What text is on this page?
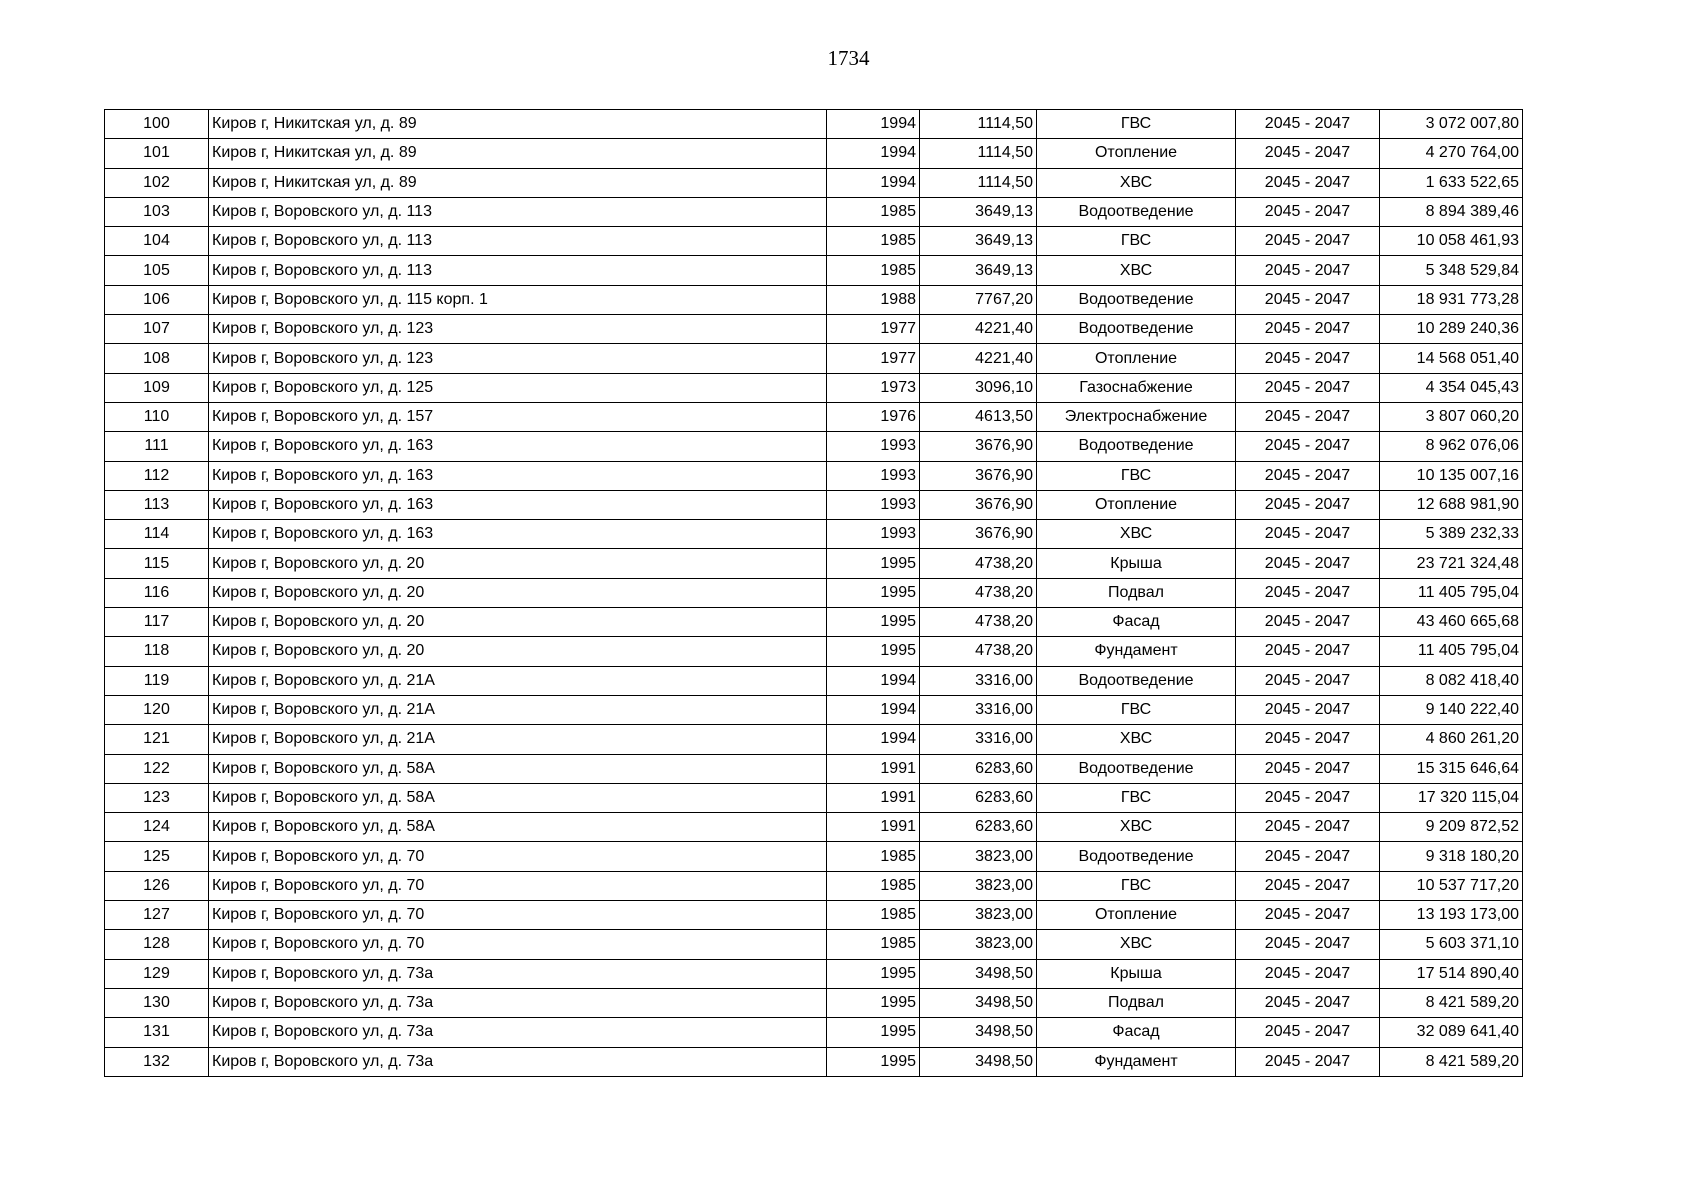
1734
100	Киров г, Никитская ул, д. 89	1994	1114,50	ГВС	2045 - 2047	3 072 007,80
101	Киров г, Никитская ул, д. 89	1994	1114,50	Отопление	2045 - 2047	4 270 764,00
102	Киров г, Никитская ул, д. 89	1994	1114,50	ХВС	2045 - 2047	1 633 522,65
103	Киров г, Воровского ул, д. 113	1985	3649,13	Водоотведение	2045 - 2047	8 894 389,46
104	Киров г, Воровского ул, д. 113	1985	3649,13	ГВС	2045 - 2047	10 058 461,93
105	Киров г, Воровского ул, д. 113	1985	3649,13	ХВС	2045 - 2047	5 348 529,84
106	Киров г, Воровского ул, д. 115 корп. 1	1988	7767,20	Водоотведение	2045 - 2047	18 931 773,28
107	Киров г, Воровского ул, д. 123	1977	4221,40	Водоотведение	2045 - 2047	10 289 240,36
108	Киров г, Воровского ул, д. 123	1977	4221,40	Отопление	2045 - 2047	14 568 051,40
109	Киров г, Воровского ул, д. 125	1973	3096,10	Газоснабжение	2045 - 2047	4 354 045,43
110	Киров г, Воровского ул, д. 157	1976	4613,50	Электроснабжение	2045 - 2047	3 807 060,20
111	Киров г, Воровского ул, д. 163	1993	3676,90	Водоотведение	2045 - 2047	8 962 076,06
112	Киров г, Воровского ул, д. 163	1993	3676,90	ГВС	2045 - 2047	10 135 007,16
113	Киров г, Воровского ул, д. 163	1993	3676,90	Отопление	2045 - 2047	12 688 981,90
114	Киров г, Воровского ул, д. 163	1993	3676,90	ХВС	2045 - 2047	5 389 232,33
115	Киров г, Воровского ул, д. 20	1995	4738,20	Крыша	2045 - 2047	23 721 324,48
116	Киров г, Воровского ул, д. 20	1995	4738,20	Подвал	2045 - 2047	11 405 795,04
117	Киров г, Воровского ул, д. 20	1995	4738,20	Фасад	2045 - 2047	43 460 665,68
118	Киров г, Воровского ул, д. 20	1995	4738,20	Фундамент	2045 - 2047	11 405 795,04
119	Киров г, Воровского ул, д. 21А	1994	3316,00	Водоотведение	2045 - 2047	8 082 418,40
120	Киров г, Воровского ул, д. 21А	1994	3316,00	ГВС	2045 - 2047	9 140 222,40
121	Киров г, Воровского ул, д. 21А	1994	3316,00	ХВС	2045 - 2047	4 860 261,20
122	Киров г, Воровского ул, д. 58А	1991	6283,60	Водоотведение	2045 - 2047	15 315 646,64
123	Киров г, Воровского ул, д. 58А	1991	6283,60	ГВС	2045 - 2047	17 320 115,04
124	Киров г, Воровского ул, д. 58А	1991	6283,60	ХВС	2045 - 2047	9 209 872,52
125	Киров г, Воровского ул, д. 70	1985	3823,00	Водоотведение	2045 - 2047	9 318 180,20
126	Киров г, Воровского ул, д. 70	1985	3823,00	ГВС	2045 - 2047	10 537 717,20
127	Киров г, Воровского ул, д. 70	1985	3823,00	Отопление	2045 - 2047	13 193 173,00
128	Киров г, Воровского ул, д. 70	1985	3823,00	ХВС	2045 - 2047	5 603 371,10
129	Киров г, Воровского ул, д. 73а	1995	3498,50	Крыша	2045 - 2047	17 514 890,40
130	Киров г, Воровского ул, д. 73а	1995	3498,50	Подвал	2045 - 2047	8 421 589,20
131	Киров г, Воровского ул, д. 73а	1995	3498,50	Фасад	2045 - 2047	32 089 641,40
132	Киров г, Воровского ул, д. 73а	1995	3498,50	Фундамент	2045 - 2047	8 421 589,20
